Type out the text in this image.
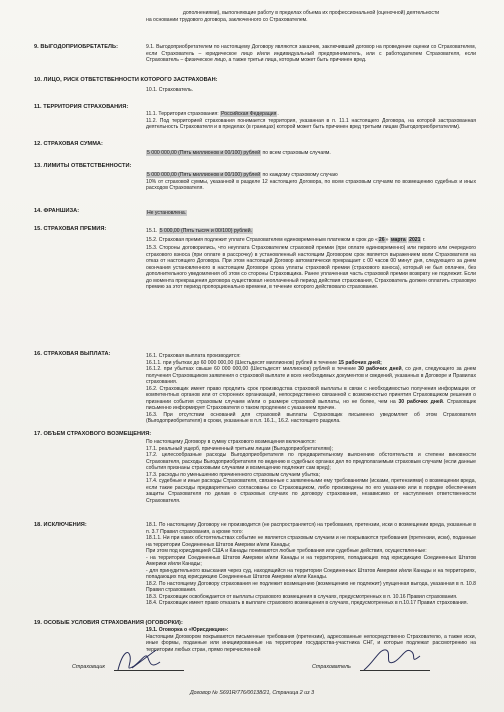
дополнениями), выполняющие работу в пределах объема их профессиональной (оценочной) деятельности

на основании трудового договора, заключенного со Страхователем.

9. ВЫГОДОПРИОБРЕТАТЕЛЬ:	9.1. Выгодоприобретателем по настоящему Договору являются заказчик, заключивший договор на проведение оценки со Страхователем, если Страхователь – юридическое лицо и/или индивидуальный предприниматель, или с работодателем Страхователя, если Страхователь – физическое лицо, а также третьи лица, которым может быть причинен вред.

10. ЛИЦО, РИСК ОТВЕТСТВЕННОСТИ КОТОРОГО ЗАСТРАХОВАН:

10.1. Страхователь.

11. ТЕРРИТОРИЯ СТРАХОВАНИЯ:

11.1. Территория страхования: Российская Федерация.

11.2. Под территорией страхования понимается территория, указанная в п. 11.1 настоящего Договора, на которой застрахованная деятельность Страхователя и в пределах (в границах) которой может быть причинен вред третьим лицам (Выгодоприобретателям).

12. СТРАХОВАЯ СУММА:

5 000 000,00 (Пять миллионов и 00/100) рублей по всем страховым случаям.

13. ЛИМИТЫ ОТВЕТСТВЕННОСТИ:

5 000 000,00 (Пять миллионов и 00/100) рублей по каждому страховому случаю

10% от страховой суммы, указанной в разделе 12 настоящего Договора, по всем страховым случаям по возмещению судебных и иных расходов Страхователя.

14. ФРАНШИЗА:	Не установлена.

15. СТРАХОВАЯ ПРЕМИЯ:	15.1. 5 000,00 (Пять тысяч и 00/100) рублей.

15.2. Страховая премия подлежит уплате Страхователем единовременным платежом в срок до «26» марта 2021 г.

15.3. Стороны договорились, что неуплата Страхователем страховой премии (при оплате единовременно) или первого или очередного страхового взноса (при оплате в рассрочку) в установленный настоящим Договором срок является выражением воли Страхователя на отказ от настоящего Договора. При этом настоящий Договор автоматически прекращает с 00 часов 00 минут дня, следующего за днем окончания установленного в настоящем Договоре срока уплаты страховой премии (страхового взноса), который не был оплачен, без дополнительного уведомления об этом со стороны Страховщика. Ранее уплаченная часть страховой премии возврату не подлежит. Если до момента прекращения договора существовал неоплаченный период действия страхования, Страхователь должен оплатить страховую премию за этот период пропорционально времени, в течение которого действовало страхование.

16. СТРАХОВАЯ ВЫПЛАТА:	16.1. Страховая выплата производится:

16.1.1. при убытках до 60 000 000,00 (Шестьдесят миллионов) рублей в течение 15 рабочих дней;

16.1.2. при убытках свыше 60 000 000,00 (Шестьдесят миллионов) рублей в течение 30 рабочих дней, со дня, следующего за днем получения Страховщиком заявления о страховой выплате и всех необходимых документов и сведений, указанных в Договоре и Правилах страхования.

16.2. Страховщик имеет право продлить срок производства страховой выплаты в связи с необходимостью получения информации от компетентных органов или от сторонних организаций, непосредственно связанной с возможностью принятия Страховщиком решения о признании события страховым случаем и/или о размере страховой выплаты, но не более, чем на 30 рабочих дней. Страховщик письменно информирует Страхователя о таком продлении с указанием причин.

16.3. При отсутствии оснований для страховой выплаты Страховщик письменно уведомляет об этом Страхователя (Выгодоприобретателя) в сроки, указанные в п.п. 16.1., 16.2. настоящего раздела.

17. ОБЪЕМ СТРАХОВОГО ВОЗМЕЩЕНИЯ:

По настоящему Договору в сумму страхового возмещения включаются:

17.1. реальный ущерб, причиненный третьим лицам (Выгодоприобретателям);

17.2. целесообразные расходы Выгодоприобретателя по предварительному выяснению обстоятельств и степени виновности Страхователя, расходы Выгодоприобретателя по ведению в судебных органах дел по предполагаемым страховым случаям (если данные события признаны страховыми случаями и возмещению подлежит сам вред);

17.3. расходы по уменьшению причиненного страховым случаем убытка;

17.4. судебные и иные расходы Страхователя, связанные с заявленными ему требованиями (исками, претензиями) о возмещении вреда, если такие расходы предварительно согласованы со Страховщиком, либо произведены по его указанию или в порядке обеспечения защиты Страхователя по делам о страховых случаях по договору страхования, независимо от наступления ответственности Страхователя.

18. ИСКЛЮЧЕНИЯ:	18.1. По настоящему Договору не производится (не распространяется) на требования, претензии, иски о возмещении вреда, указанные в п. 3.7 Правил страхования, а кроме того:

18.1.1. Ни при каких обстоятельствах событие не является страховым случаем и не покрываются требования (претензии, иски), поданные на территории Соединенных Штатов Америки и/или Канады;

При этом под юрисдикцией США и Канады понимаются любые требования или судебные действия, осуществленные:

- на территории Соединенных Штатов Америки и/или Канады и на территориях, попадающих под юрисдикцию Соединенных Штатов Америки и/или Канады;

- для принудительного взыскания через суд, находящийся на территории Соединенных Штатов Америки и/или Канады и на территориях, попадающих под юрисдикцию Соединенных Штатов Америки и/или Канады.

18.2. По настоящему Договору страхования не подлежит возмещению (возмещению не подлежит) упущенная выгода, указанная в п. 10.8 Правил страхования.

18.3. Страховщик освобождается от выплаты страхового возмещения в случаях, предусмотренных в п. 10.16 Правил страхования.

18.4. Страховщик имеет право отказать в выплате страхового возмещения в случаях, предусмотренных в п.10.17 Правил страхования.

19. ОСОБЫЕ УСЛОВИЯ СТРАХОВАНИЯ (ОГОВОРКИ):

19.1. Оговорка о «Юрисдикции»:

Настоящим Договором покрываются письменные требования (претензии), адресованные непосредственно Страхователю, а также иски, иные формы, поданные или инициированные на территории государства-участника СНГ, и которые подлежат рассмотрению на территории любых стран, прямо перечисленной

Страховщик	Страхователь
Договор № S691R/776/00138/21, Страница 2 из 3
